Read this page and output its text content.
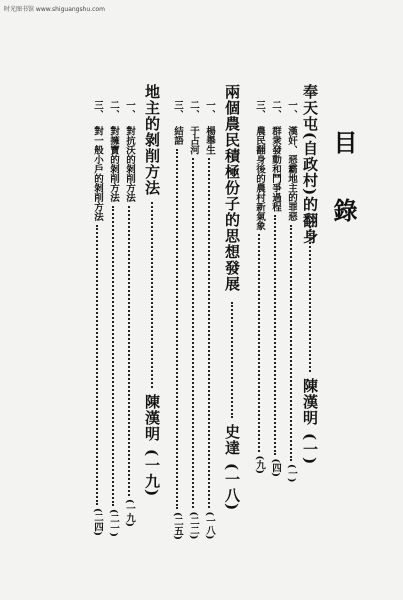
时光图书馆 www.shiguangshu.com
目錄
奉天屯(自政村)的翻身  陳漢明 (一)
一、 漢奸、惡霸地主的罪惡  (一)
二、 群衆發動和鬥爭過程  (四)
三、 農民翻身後的農村新氣象  (九)
兩個農民積極份子的思想發展  史達 (一八)
一、 楊舉生  (一八)
二、 于占河  (二二)
三、 結語  (二五)
地主的剝削方法  陳漢明 (一九)
一、 對抗沃的剝削方法  (一九)
二、 對擁寶的剝削方法  (二一)
三、 對一般小戶的剝削方法  (二四)
